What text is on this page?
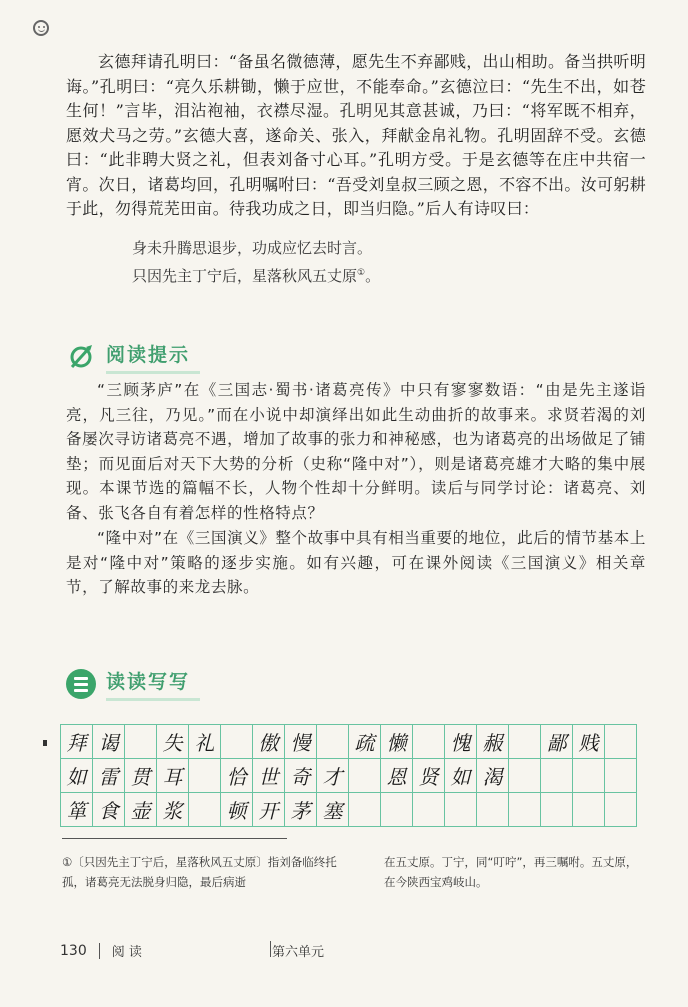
玄德拜请孔明曰：“备虽名微德薄，愿先生不弃鄙贱，出山相助。备当拱听明诲。”孔明曰：“亮久乐耕锄，懒于应世，不能奉命。”玄德泣曰：“先生不出，如苍生何！”言毕，泪沾袍袖，衣襟尽湿。孔明见其意甚诚，乃曰：“将军既不相弃，愿效犬马之劳。”玄德大喜，遂命关、张入，拜献金帛礼物。孔明固辞不受。玄德曰：“此非聘大贤之礼，但表刘备寸心耳。”孔明方受。于是玄德等在庄中共宿一宵。次日，诸葛均回，孔明嘱咐曰：“吾受刘皇叔三顾之恩，不容不出。汝可躬耕于此，勿得荒芜田亩。待我功成之日，即当归隐。”后人有诗叹曰：

身未升腾思退步，功成应忆去时言。
只因先主丁宁后，星落秋风五丈原①。
阅读提示

“三顾茅庐”在《三国志·蜀书·诸葛亮传》中只有寥寥数语：“由是先主遂诣亮，凡三往，乃见。”而在小说中却演绎出如此生动曲折的故事来。求贤若渴的刘备屡次寻访诸葛亮不遇，增加了故事的张力和神秘感，也为诸葛亮的出场做足了铺垫；而见面后对天下大势的分析（史称“隆中对”），则是诸葛亮雄才大略的集中展现。本课节选的篇幅不长，人物个性却十分鲜明。读后与同学讨论：诸葛亮、刘备、张飞各自有着怎样的性格特点？

“隆中对”在《三国演义》整个故事中具有相当重要的地位，此后的情节基本上是对“隆中对”策略的逐步实施。如有兴趣，可在课外阅读《三国演义》相关章节，了解故事的来龙去脉。

读读写写
拜 谒	失 礼	傲 慢	疏 懒	愧 赧	鄙 贱
如 雷 贯 耳	恰 世 奇 才	恩 贤 如 渴
箪 食 壶 浆	顿 开 茅 塞
①〔只因先主丁宁后，星落秋风五丈原〕指刘备临终托孤，诸葛亮无法脱身归隐，最后病逝
在五丈原。丁宁，同“叮咛”，再三嘱咐。五丈原，在今陕西宝鸡岐山。
130 阅 读	第六单元
